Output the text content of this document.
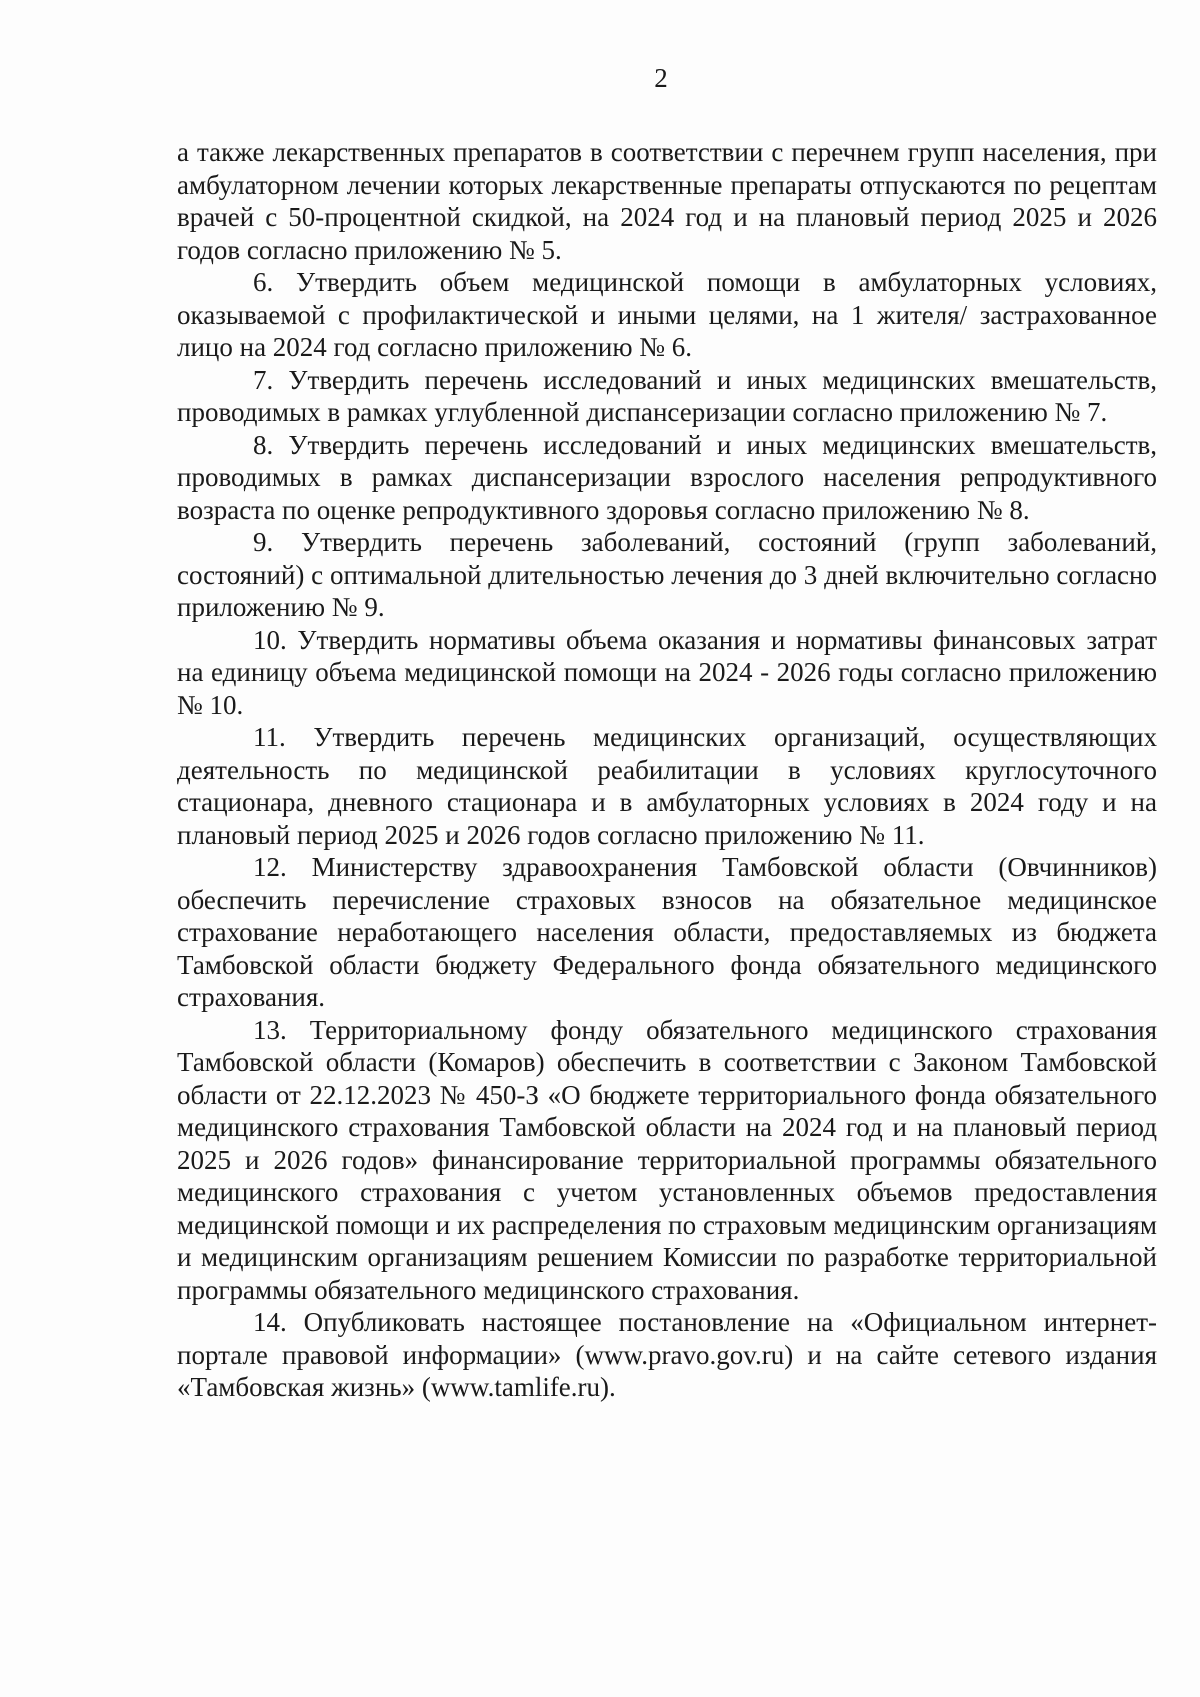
2

а также лекарственных препаратов в соответствии с перечнем групп населения, при амбулаторном лечении которых лекарственные препараты отпускаются по рецептам врачей с 50-процентной скидкой, на 2024 год и на плановый период 2025 и 2026 годов согласно приложению № 5.

6. Утвердить объем медицинской помощи в амбулаторных условиях, оказываемой с профилактической и иными целями, на 1 жителя/ застрахованное лицо на 2024 год согласно приложению № 6.

7. Утвердить перечень исследований и иных медицинских вмешательств, проводимых в рамках углубленной диспансеризации согласно приложению № 7.

8. Утвердить перечень исследований и иных медицинских вмешательств, проводимых в рамках диспансеризации взрослого населения репродуктивного возраста по оценке репродуктивного здоровья согласно приложению № 8.

9. Утвердить перечень заболеваний, состояний (групп заболеваний, состояний) с оптимальной длительностью лечения до 3 дней включительно согласно приложению № 9.

10. Утвердить нормативы объема оказания и нормативы финансовых затрат на единицу объема медицинской помощи на 2024 - 2026 годы согласно приложению № 10.

11. Утвердить перечень медицинских организаций, осуществляющих деятельность по медицинской реабилитации в условиях круглосуточного стационара, дневного стационара и в амбулаторных условиях в 2024 году и на плановый период 2025 и 2026 годов согласно приложению № 11.

12. Министерству здравоохранения Тамбовской области (Овчинников) обеспечить перечисление страховых взносов на обязательное медицинское страхование неработающего населения области, предоставляемых из бюджета Тамбовской области бюджету Федерального фонда обязательного медицинского страхования.

13. Территориальному фонду обязательного медицинского страхования Тамбовской области (Комаров) обеспечить в соответствии с Законом Тамбовской области от 22.12.2023 № 450-З «О бюджете территориального фонда обязательного медицинского страхования Тамбовской области на 2024 год и на плановый период 2025 и 2026 годов» финансирование территориальной программы обязательного медицинского страхования с учетом установленных объемов предоставления медицинской помощи и их распределения по страховым медицинским организациям и медицинским организациям решением Комиссии по разработке территориальной программы обязательного медицинского страхования.

14. Опубликовать настоящее постановление на «Официальном интернет-портале правовой информации» (www.pravo.gov.ru) и на сайте сетевого издания «Тамбовская жизнь» (www.tamlife.ru).
